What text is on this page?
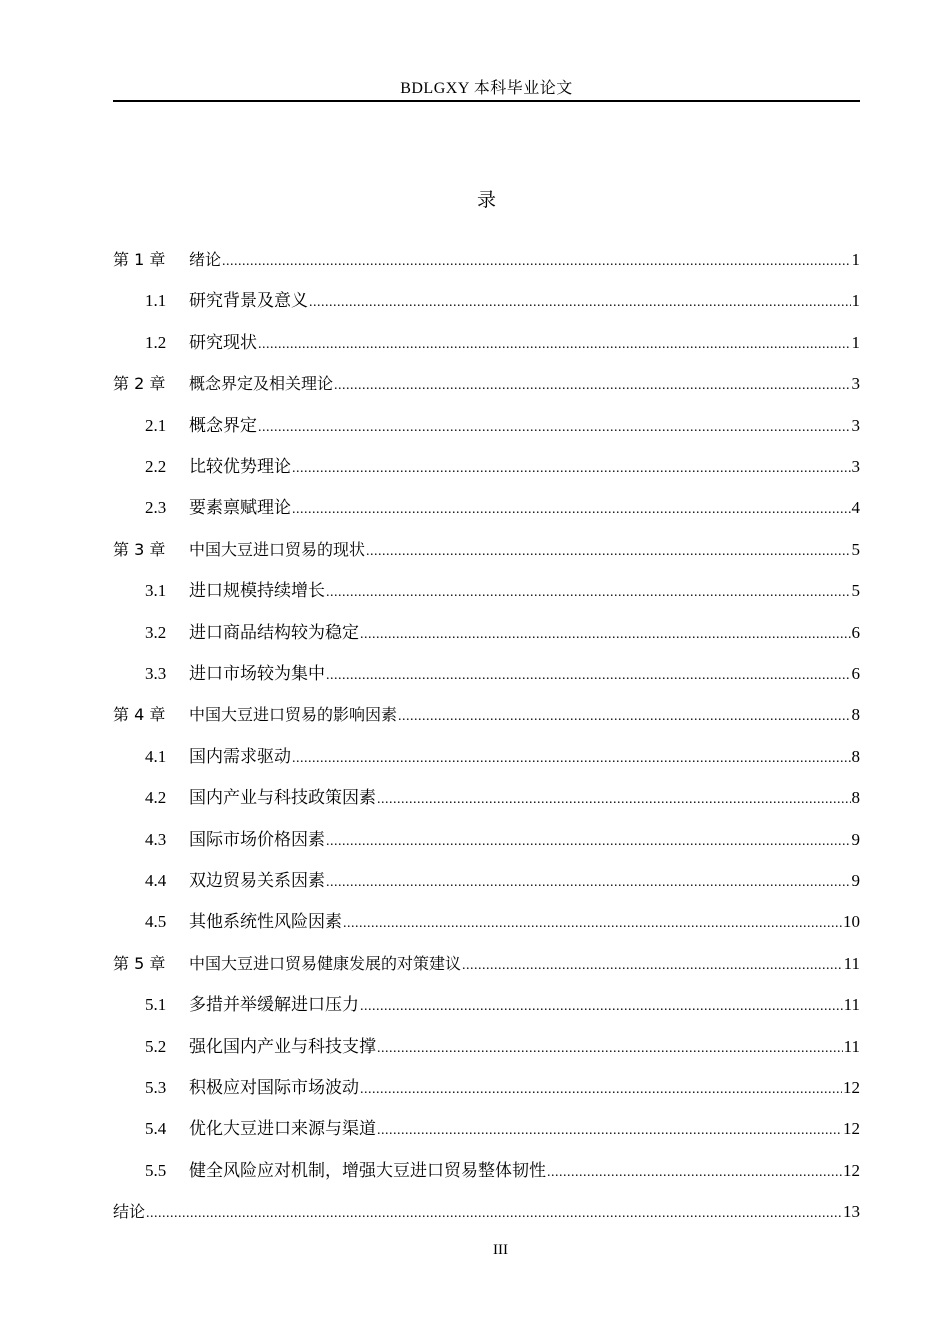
BDLGXY 本科毕业论文
录
第 1 章	绪论 .....	1
1.1	研究背景及意义 .....	1
1.2	研究现状 .....	1
第 2 章	概念界定及相关理论 .....	3
2.1	概念界定 .....	3
2.2	比较优势理论 .....	3
2.3	要素禀赋理论 .....	4
第 3 章	中国大豆进口贸易的现状 .....	5
3.1	进口规模持续增长 .....	5
3.2	进口商品结构较为稳定 .....	6
3.3	进口市场较为集中 .....	6
第 4 章	中国大豆进口贸易的影响因素 .....	8
4.1	国内需求驱动 .....	8
4.2	国内产业与科技政策因素 .....	8
4.3	国际市场价格因素 .....	9
4.4	双边贸易关系因素 .....	9
4.5	其他系统性风险因素 .....	10
第 5 章	中国大豆进口贸易健康发展的对策建议 .....	11
5.1	多措并举缓解进口压力 .....	11
5.2	强化国内产业与科技支撑 .....	11
5.3	积极应对国际市场波动 .....	12
5.4	优化大豆进口来源与渠道 .....	12
5.5	健全风险应对机制，增强大豆进口贸易整体韧性 .....	12
结论 .....	13
III
